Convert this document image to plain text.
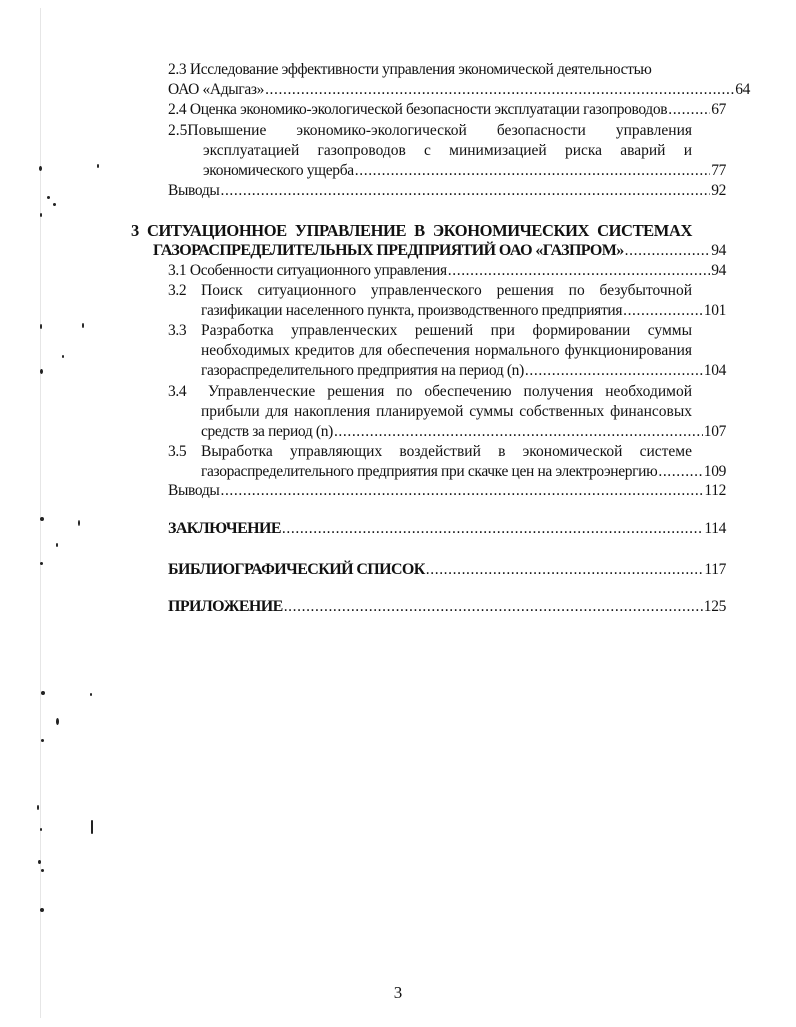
2.3 Исследование эффективности управления экономической деятельностью
ОАО «Адыгаз» .....	64
2.4 Оценка экономико-экологической безопасности эксплуатации газопроводов .....	67
2.5Повышение экономико-экологической безопасности управления
эксплуатацией газопроводов с минимизацией риска аварий и
экономического ущерба .....	77
Выводы .....	92
3 СИТУАЦИОННОЕ УПРАВЛЕНИЕ В ЭКОНОМИЧЕСКИХ СИСТЕМАХ
ГАЗОРАСПРЕДЕЛИТЕЛЬНЫХ ПРЕДПРИЯТИЙ ОАО «ГАЗПРОМ» .....	94
3.1 Особенности ситуационного управления .....	94
3.2 Поиск ситуационного управленческого решения по безубыточной
газификации населенного пункта, производственного предприятия .....	101
3.3 Разработка управленческих решений при формировании суммы
необходимых кредитов для обеспечения нормального функционирования
газораспределительного предприятия на период (n) .....	104
3.4 Управленческие решения по обеспечению получения необходимой
прибыли для накопления планируемой суммы собственных финансовых
средств за период (n) .....	107
3.5 Выработка управляющих воздействий в экономической системе
газораспределительного предприятия при скачке цен на электроэнергию .....	109
Выводы .....	112
ЗАКЛЮЧЕНИЕ .....	114
БИБЛИОГРАФИЧЕСКИЙ СПИСОК .....	117
ПРИЛОЖЕНИЕ .....	125
3
